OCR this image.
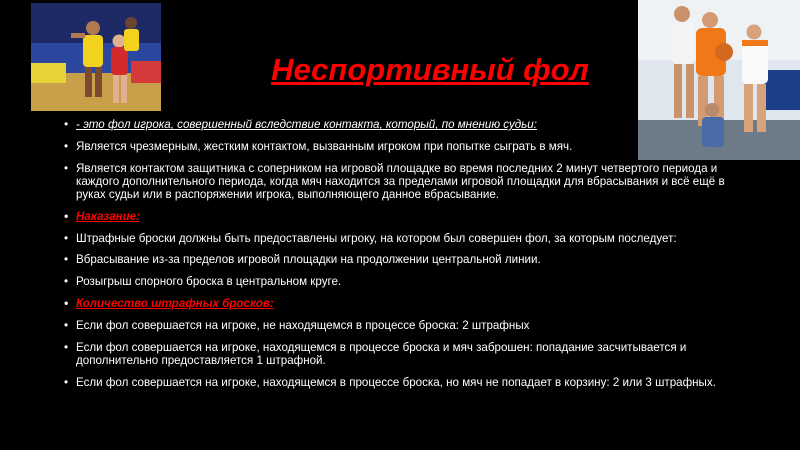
Неспортивный фол
• - это фол игрока, совершенный вследствие контакта, который, по мнению судьи:
• Является чрезмерным, жестким контактом, вызванным игроком при попытке сыграть в мяч.
• Является контактом защитника с соперником на игровой площадке во время последних 2 минут четвертого периода и каждого дополнительного периода, когда мяч находится за пределами игровой площадки для вбрасывания и всё ещё в руках судьи или в распоряжении игрока, выполняющего данное вбрасывание.
• Наказание:
• Штрафные броски должны быть предоставлены игроку, на котором был совершен фол, за которым последует:
• Вбрасывание из-за пределов игровой площадки на продолжении центральной линии.
• Розыгрыш спорного броска в центральном круге.
• Количество штрафных бросков:
• Если фол совершается на игроке, не находящемся в процессе броска: 2 штрафных
• Если фол совершается на игроке, находящемся в процессе броска и мяч заброшен: попадание засчитывается и дополнительно предоставляется 1 штрафной.
• Если фол совершается на игроке, находящемся в процессе броска, но мяч не попадает в корзину: 2 или 3 штрафных.
